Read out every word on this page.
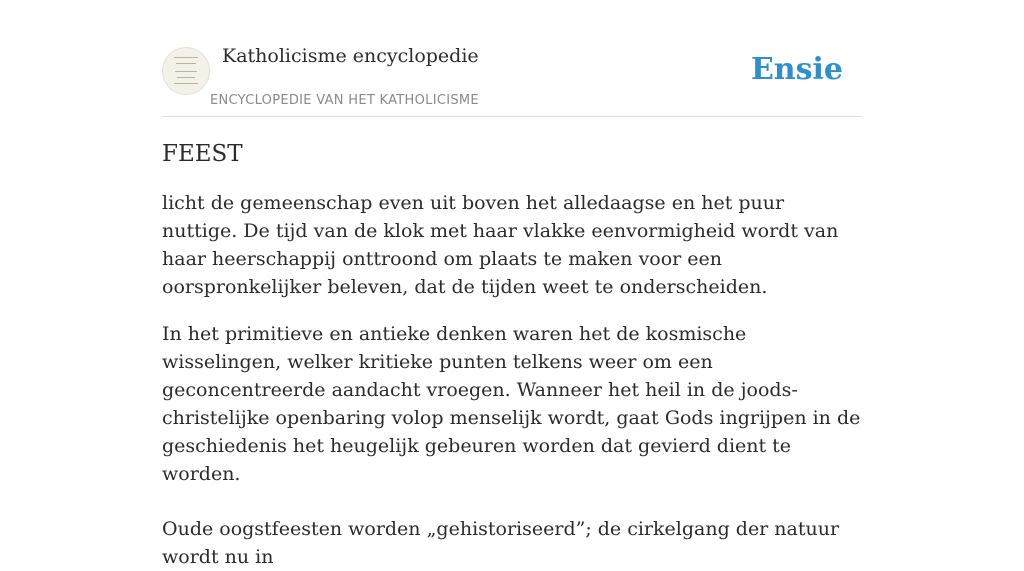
Katholicisme encyclopedie
ENCYCLOPEDIE VAN HET KATHOLICISME
Ensie
FEEST

licht de gemeenschap even uit boven het alledaagse en het puur nuttige. De tijd van de klok met haar vlakke eenvormigheid wordt van haar heerschappij onttroond om plaats te maken voor een oorspronkelijker beleven, dat de tijden weet te onderscheiden.

In het primitieve en antieke denken waren het de kosmische wisselingen, welker kritieke punten telkens weer om een geconcentreerde aandacht vroegen. Wanneer het heil in de joods-christelijke openbaring volop menselijk wordt, gaat Gods ingrijpen in de geschiedenis het heugelijk gebeuren worden dat gevierd dient te worden.

Oude oogstfeesten worden „gehistoriseerd”; de cirkelgang der natuur wordt nu in
